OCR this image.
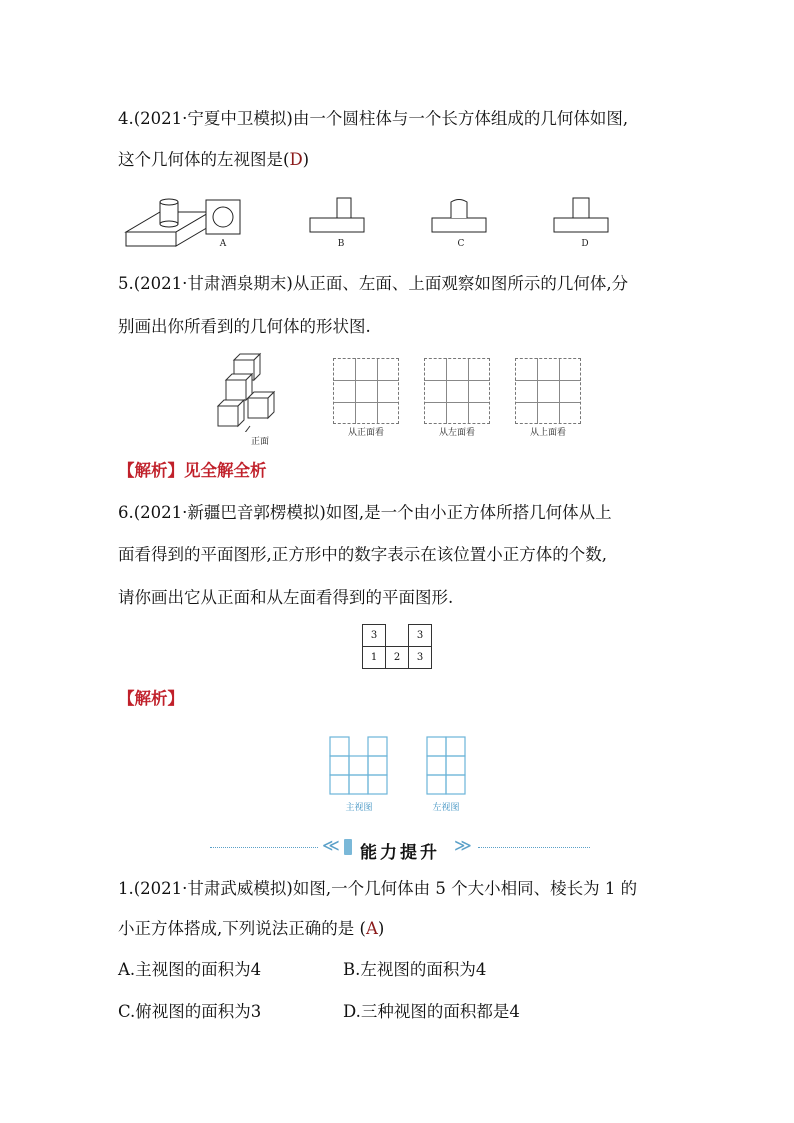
4.(2021·宁夏中卫模拟)由一个圆柱体与一个长方体组成的几何体如图,
这个几何体的左视图是(D)
A	B	C	D
5.(2021·甘肃酒泉期末)从正面、左面、上面观察如图所示的几何体,分
别画出你所看到的几何体的形状图.
正面
从正面看	从左面看	从上面看
【解析】见全解全析
6.(2021·新疆巴音郭楞模拟)如图,是一个由小正方体所搭几何体从上
面看得到的平面图形,正方形中的数字表示在该位置小正方体的个数,
请你画出它从正面和从左面看得到的平面图形.
3		3
1	2	3
【解析】
主视图	左视图
≪ 能力提升 ≫
1.(2021·甘肃武威模拟)如图,一个几何体由 5 个大小相同、棱长为 1 的
小正方体搭成,下列说法正确的是 (A)
A.主视图的面积为4	B.左视图的面积为4
C.俯视图的面积为3	D.三种视图的面积都是4
